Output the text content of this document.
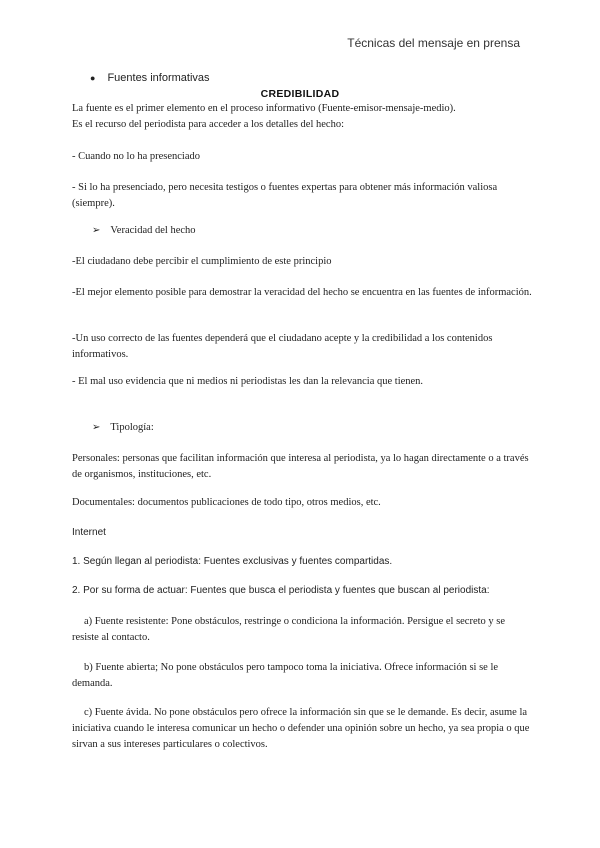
Técnicas del mensaje en prensa
● Fuentes informativas
CREDIBILIDAD
La fuente es el primer elemento en el proceso informativo (Fuente-emisor-mensaje-medio).
Es el recurso del periodista para acceder a los detalles del hecho:
- Cuando no lo ha presenciado
- Si lo ha presenciado, pero necesita testigos o fuentes expertas para obtener más información valiosa (siempre).
➢ Veracidad del hecho
-El ciudadano debe percibir el cumplimiento de este principio
-El mejor elemento posible para demostrar la veracidad del hecho se encuentra en las fuentes de información.
-Un uso correcto de las fuentes dependerá que el ciudadano acepte y la credibilidad a los contenidos informativos.
- El mal uso evidencia que ni medios ni periodistas les dan la relevancia que tienen.
➢ Tipología:
Personales: personas que facilitan información que interesa al periodista, ya lo hagan directamente o a través de organismos, instituciones, etc.
Documentales: documentos publicaciones de todo tipo, otros medios, etc.
Internet
1. Según llegan al periodista: Fuentes exclusivas y fuentes compartidas.
2. Por su forma de actuar: Fuentes que busca el periodista y fuentes que buscan al periodista:
a) Fuente resistente: Pone obstáculos, restringe o condiciona la información. Persigue el secreto y se resiste al contacto.
b) Fuente abierta; No pone obstáculos pero tampoco toma la iniciativa. Ofrece información si se le demanda.
c) Fuente ávida. No pone obstáculos pero ofrece la información sin que se le demande. Es decir, asume la iniciativa cuando le interesa comunicar un hecho o defender una opinión sobre un hecho, ya sea propia o que sirvan a sus intereses particulares o colectivos.
